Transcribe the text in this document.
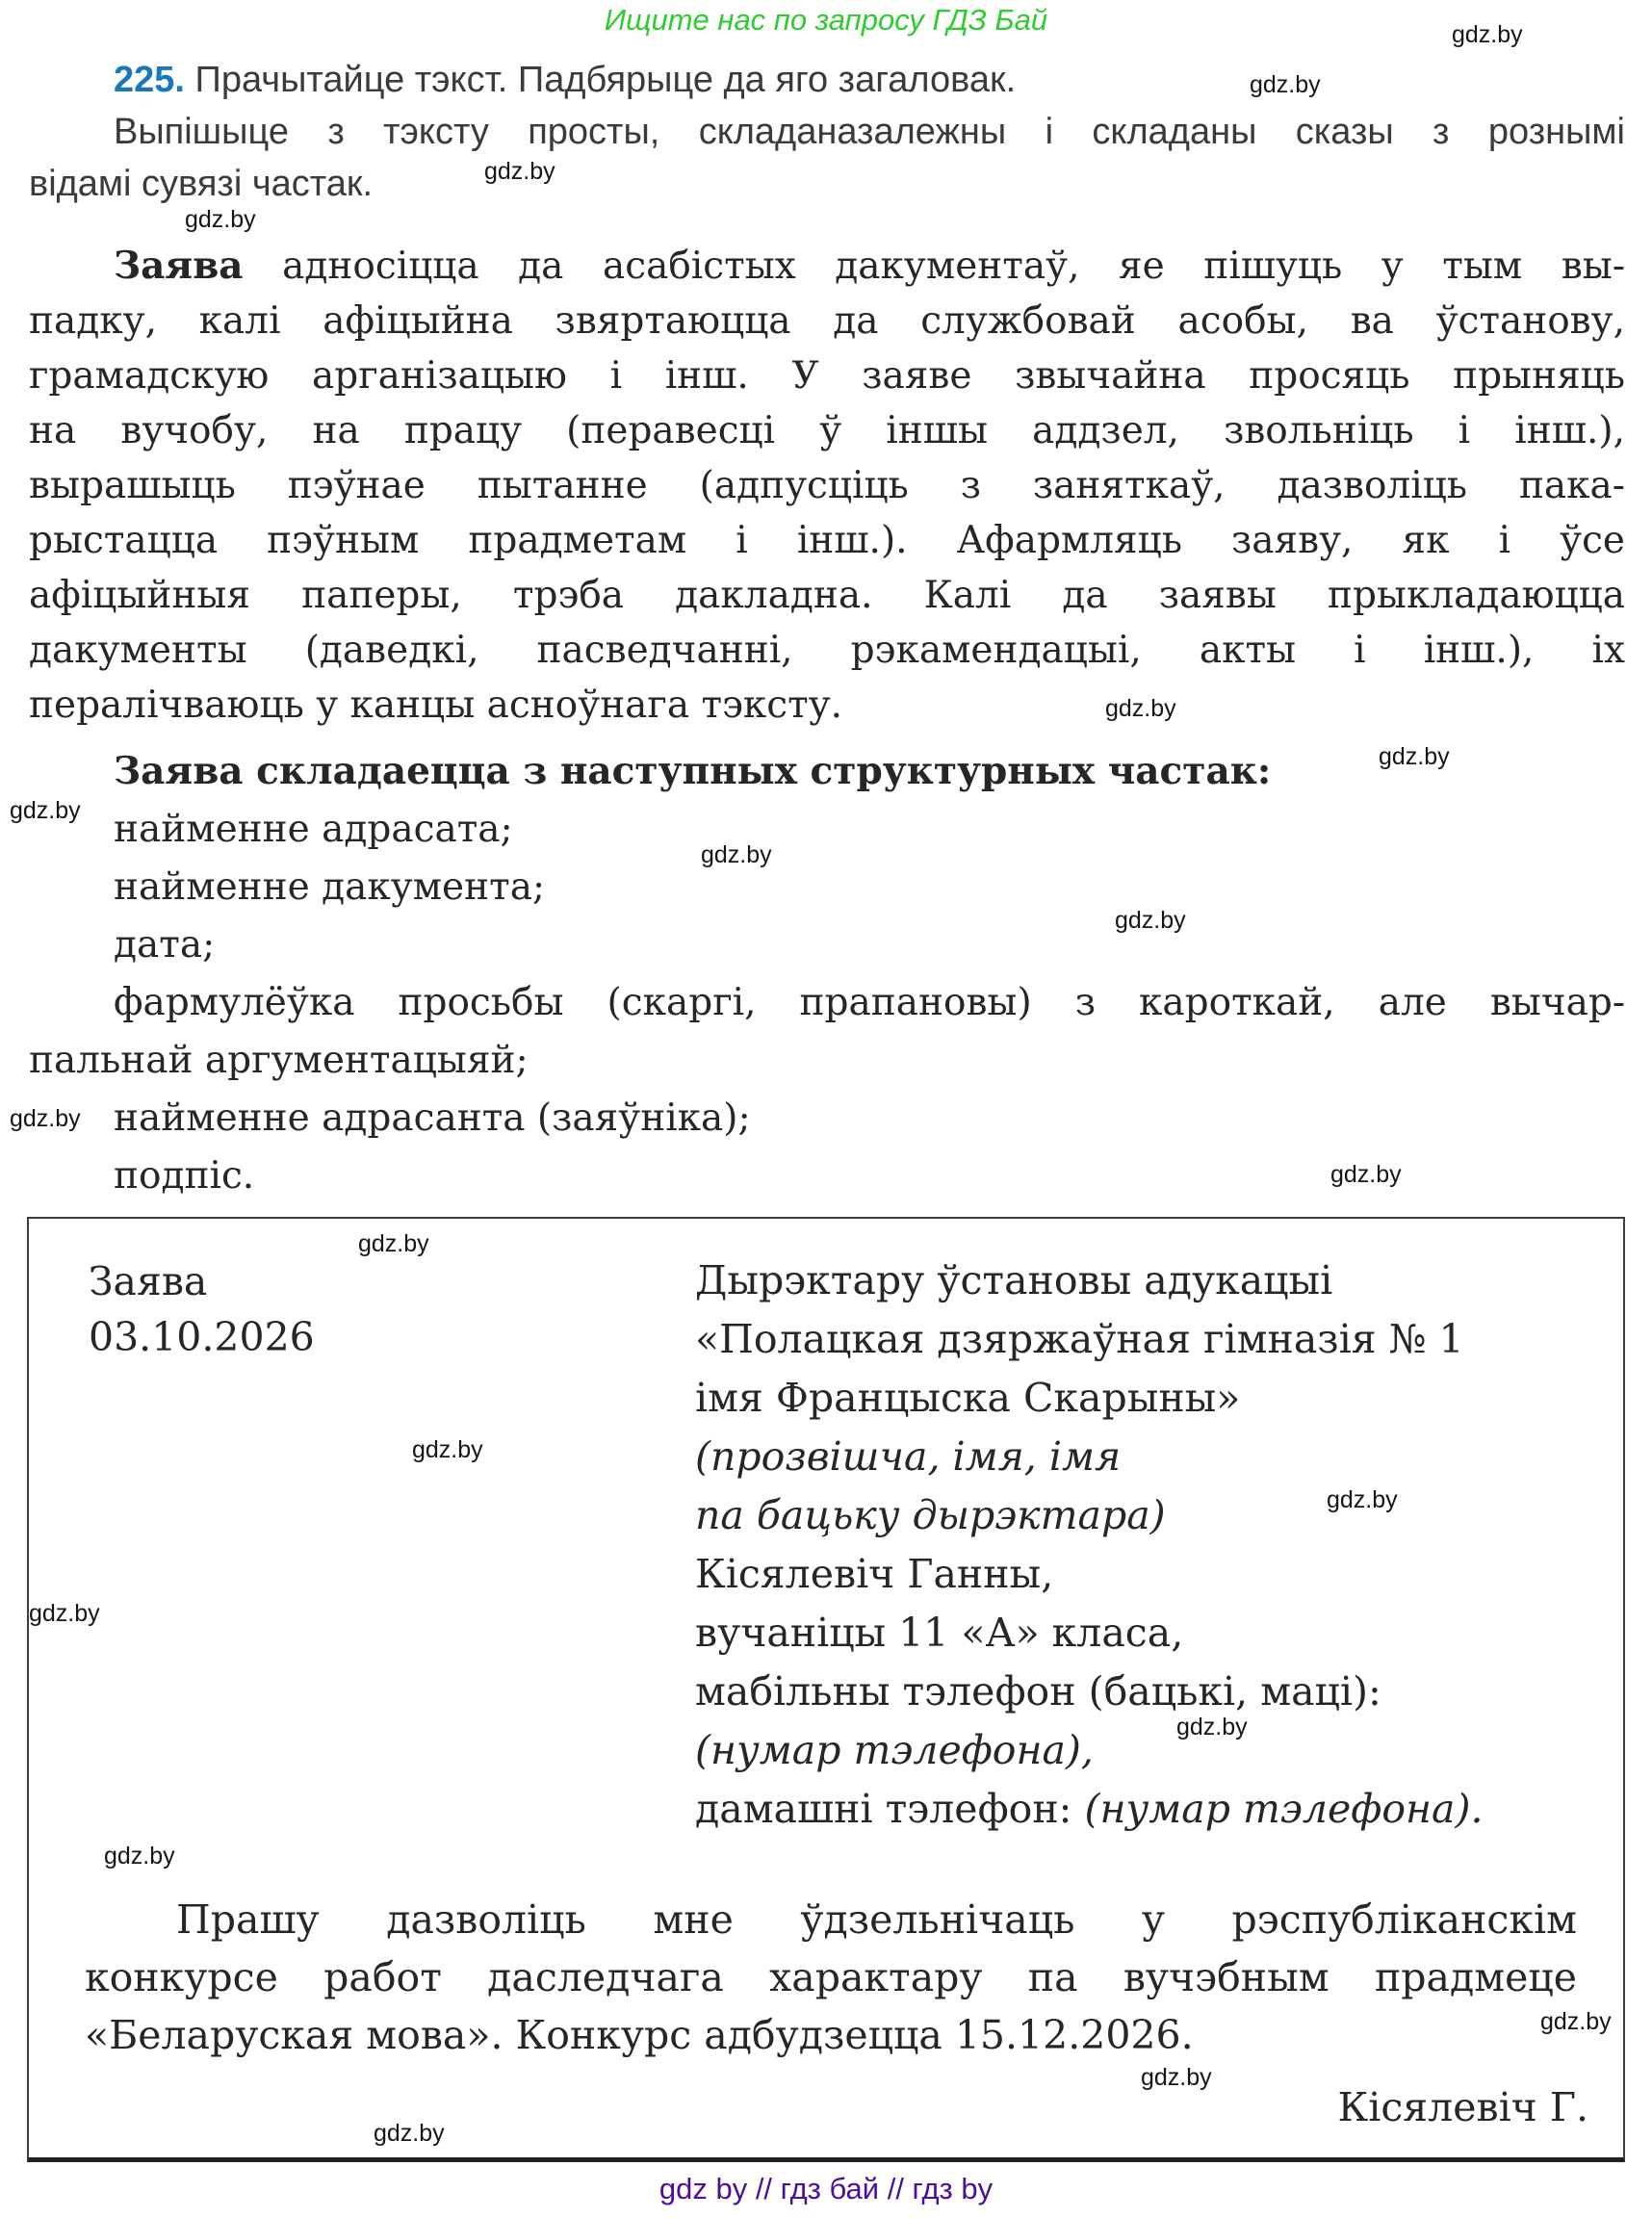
Ищите нас по запросу ГДЗ Бай
225. Прачытайце тэкст. Падбярыце да яго загаловак.
Выпішыце з тэксту просты, складаназалежны і складаны сказы з рознымі
відамі сувязі частак.
Заява адносіцца да асабістых дакументаў, яе пішуць у тым вы-
падку, калі афіцыйна звяртаюцца да службовай асобы, ва ўстанову,
грамадскую арганізацыю і інш. У заяве звычайна просяць прыняць
на вучобу, на працу (перавесці ў іншы аддзел, звольніць і інш.),
вырашыць пэўнае пытанне (адпусціць з заняткаў, дазволіць пака-
рыстацца пэўным прадметам і інш.). Афармляць заяву, як і ўсе
афіцыйныя паперы, трэба дакладна. Калі да заявы прыкладаюцца
дакументы (даведкі, пасведчанні, рэкамендацыі, акты і інш.), іх
пералічваюць у канцы асноўнага тэксту.
Заява складаецца з наступных структурных частак:
найменне адрасата;
найменне дакумента;
дата;
фармулёўка просьбы (скаргі, прапановы) з кароткай, але вычар-
пальнай аргументацыяй;
найменне адрасанта (заяўніка);
подпіс.
Заява
03.10.2026
Дырэктару ўстановы адукацыі
«Полацкая дзяржаўная гімназія № 1
імя Францыска Скарыны»
(прозвішча, імя, імя
па бацьку дырэктара)
Кісялевіч Ганны,
вучаніцы 11 «А» класа,
мабільны тэлефон (бацькі, маці):
(нумар тэлефона),
дамашні тэлефон: (нумар тэлефона).
Прашу дазволіць мне ўдзельнічаць у рэспубліканскім
конкурсе работ даследчага характару па вучэбным прадмеце
«Беларуская мова». Конкурс адбудзецца 15.12.2026.
Кісялевіч Г.
gdz by // гдз бай // гдз by
gdz.by
gdz.by
gdz.by
gdz.by
gdz.by
gdz.by
gdz.by
gdz.by
gdz.by
gdz.by
gdz.by
gdz.by
gdz.by
gdz.by
gdz.by
gdz.by
gdz.by
gdz.by
gdz.by
gdz.by
